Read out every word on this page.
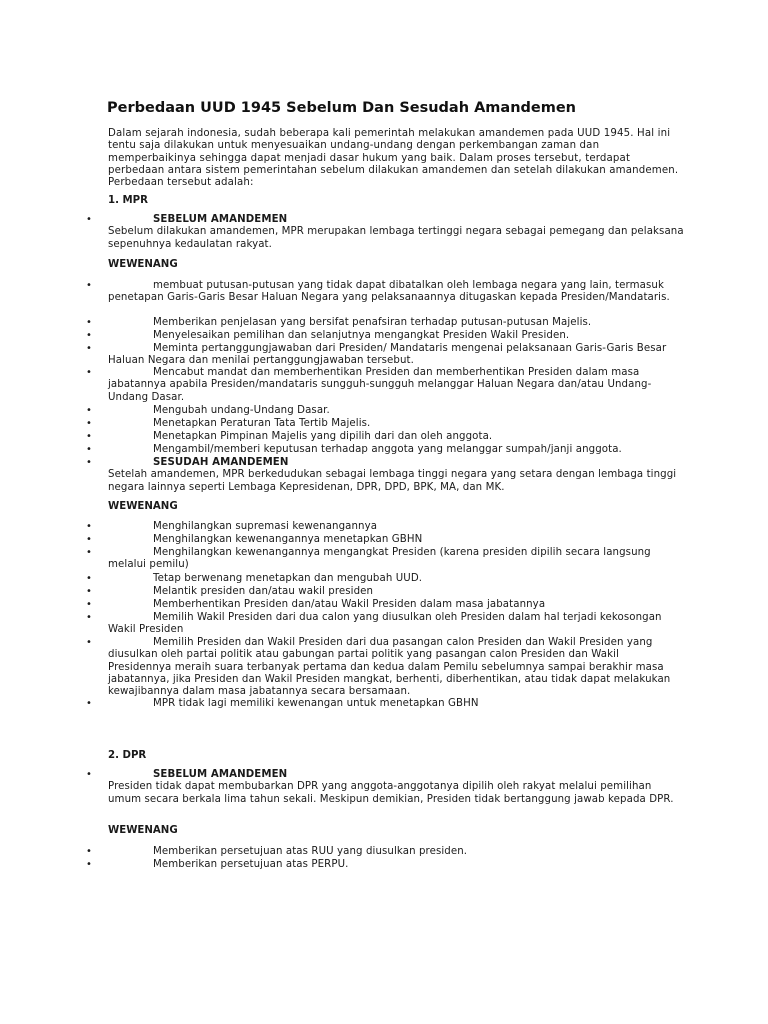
Perbedaan UUD 1945 Sebelum Dan Sesudah Amandemen

Dalam sejarah indonesia, sudah beberapa kali pemerintah melakukan amandemen pada UUD 1945. Hal ini tentu saja dilakukan untuk menyesuaikan undang-undang dengan perkembangan zaman dan memperbaikinya sehingga dapat menjadi dasar hukum yang baik. Dalam proses tersebut, terdapat perbedaan antara sistem pemerintahan sebelum dilakukan amandemen dan setelah dilakukan amandemen. Perbedaan tersebut adalah:

1. MPR

•	SEBELUM AMANDEMEN
Sebelum dilakukan amandemen, MPR merupakan lembaga tertinggi negara sebagai pemegang dan pelaksana sepenuhnya kedaulatan rakyat.

WEWENANG

•	membuat putusan-putusan yang tidak dapat dibatalkan oleh lembaga negara yang lain, termasuk penetapan Garis-Garis Besar Haluan Negara yang pelaksanaannya ditugaskan kepada Presiden/Mandataris.
•	Memberikan penjelasan yang bersifat penafsiran terhadap putusan-putusan Majelis.
•	Menyelesaikan pemilihan dan selanjutnya mengangkat Presiden Wakil Presiden.
•	Meminta pertanggungjawaban dari Presiden/ Mandataris mengenai pelaksanaan Garis-Garis Besar Haluan Negara dan menilai pertanggungjawaban tersebut.
•	Mencabut mandat dan memberhentikan Presiden dan memberhentikan Presiden dalam masa jabatannya apabila Presiden/mandataris sungguh-sungguh melanggar Haluan Negara dan/atau Undang-Undang Dasar.
•	Mengubah undang-Undang Dasar.
•	Menetapkan Peraturan Tata Tertib Majelis.
•	Menetapkan Pimpinan Majelis yang dipilih dari dan oleh anggota.
•	Mengambil/memberi keputusan terhadap anggota yang melanggar sumpah/janji anggota.
•	SESUDAH AMANDEMEN
Setelah amandemen, MPR berkedudukan sebagai lembaga tinggi negara yang setara dengan lembaga tinggi negara lainnya seperti Lembaga Kepresidenan, DPR, DPD, BPK, MA, dan MK.

WEWENANG

•	Menghilangkan supremasi kewenangannya
•	Menghilangkan kewenangannya menetapkan GBHN
•	Menghilangkan kewenangannya mengangkat Presiden (karena presiden dipilih secara langsung melalui pemilu)
•	Tetap berwenang menetapkan dan mengubah UUD.
•	Melantik presiden dan/atau wakil presiden
•	Memberhentikan Presiden dan/atau Wakil Presiden dalam masa jabatannya
•	Memilih Wakil Presiden dari dua calon yang diusulkan oleh Presiden dalam hal terjadi kekosongan Wakil Presiden
•	Memilih Presiden dan Wakil Presiden dari dua pasangan calon Presiden dan Wakil Presiden yang diusulkan oleh partai politik atau gabungan partai politik yang pasangan calon Presiden dan Wakil Presidennya meraih suara terbanyak pertama dan kedua dalam Pemilu sebelumnya sampai berakhir masa jabatannya, jika Presiden dan Wakil Presiden mangkat, berhenti, diberhentikan, atau tidak dapat melakukan kewajibannya dalam masa jabatannya secara bersamaan.
•	MPR tidak lagi memiliki kewenangan untuk menetapkan GBHN

2. DPR

•	SEBELUM AMANDEMEN
Presiden tidak dapat membubarkan DPR yang anggota-anggotanya dipilih oleh rakyat melalui pemilihan umum secara berkala lima tahun sekali. Meskipun demikian, Presiden tidak bertanggung jawab kepada DPR.

WEWENANG

•	Memberikan persetujuan atas RUU yang diusulkan presiden.
•	Memberikan persetujuan atas PERPU.
